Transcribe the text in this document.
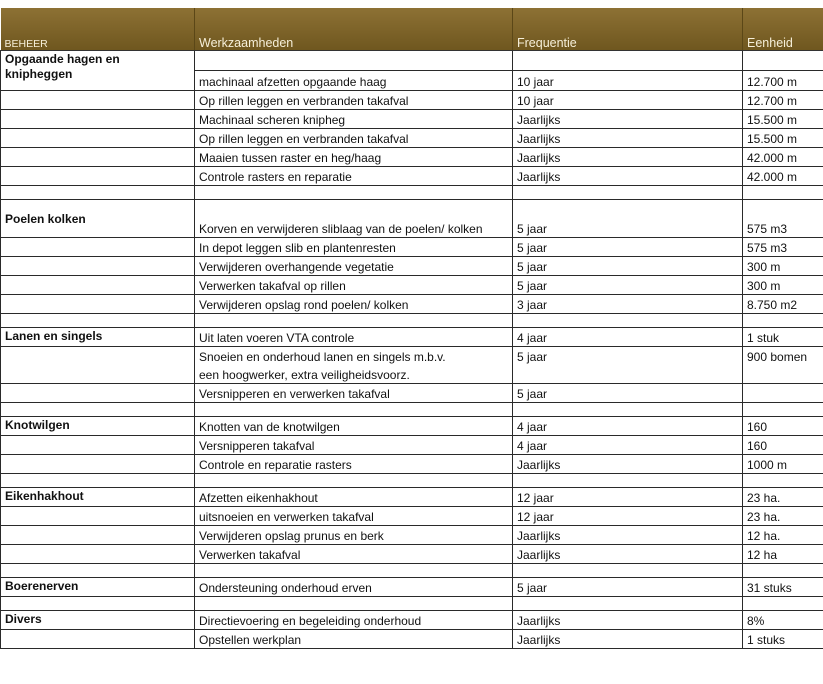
BEHEER	Werkzaamheden	Frequentie	Eenheid
Opgaande hagen en knipheggen			
	machinaal afzetten opgaande haag	10 jaar	12.700 m
	Op rillen leggen en verbranden takafval	10 jaar	12.700 m
	Machinaal scheren knipheg	Jaarlijks	15.500 m
	Op rillen leggen en verbranden takafval	Jaarlijks	15.500 m
	Maaien tussen raster en heg/haag	Jaarlijks	42.000 m
	Controle rasters en reparatie	Jaarlijks	42.000 m

Poelen kolken	Korven en verwijderen sliblaag van de poelen/ kolken	5 jaar	575 m3
	In depot leggen slib en plantenresten	5 jaar	575 m3
	Verwijderen overhangende vegetatie	5 jaar	300 m
	Verwerken takafval op rillen	5 jaar	300 m
	Verwijderen opslag rond poelen/ kolken	3 jaar	8.750 m2

Lanen en singels	Uit laten voeren VTA controle	4 jaar	1 stuk
	Snoeien en onderhoud lanen en singels m.b.v.	5 jaar	900 bomen
	een hoogwerker, extra veiligheidsvoorz.		
	Versnipperen en verwerken takafval	5 jaar	

Knotwilgen	Knotten van de knotwilgen	4 jaar	160
	Versnipperen takafval	4 jaar	160
	Controle en reparatie rasters	Jaarlijks	1000 m

Eikenhakhout	Afzetten eikenhakhout	12 jaar	23 ha.
	uitsnoeien en verwerken takafval	12 jaar	23 ha.
	Verwijderen opslag prunus en berk	Jaarlijks	12 ha.
	Verwerken takafval	Jaarlijks	12 ha

Boerenerven	Ondersteuning onderhoud erven	5 jaar	31 stuks

Divers	Directievoering en begeleiding onderhoud	Jaarlijks	8%
	Opstellen werkplan	Jaarlijks	1 stuks
